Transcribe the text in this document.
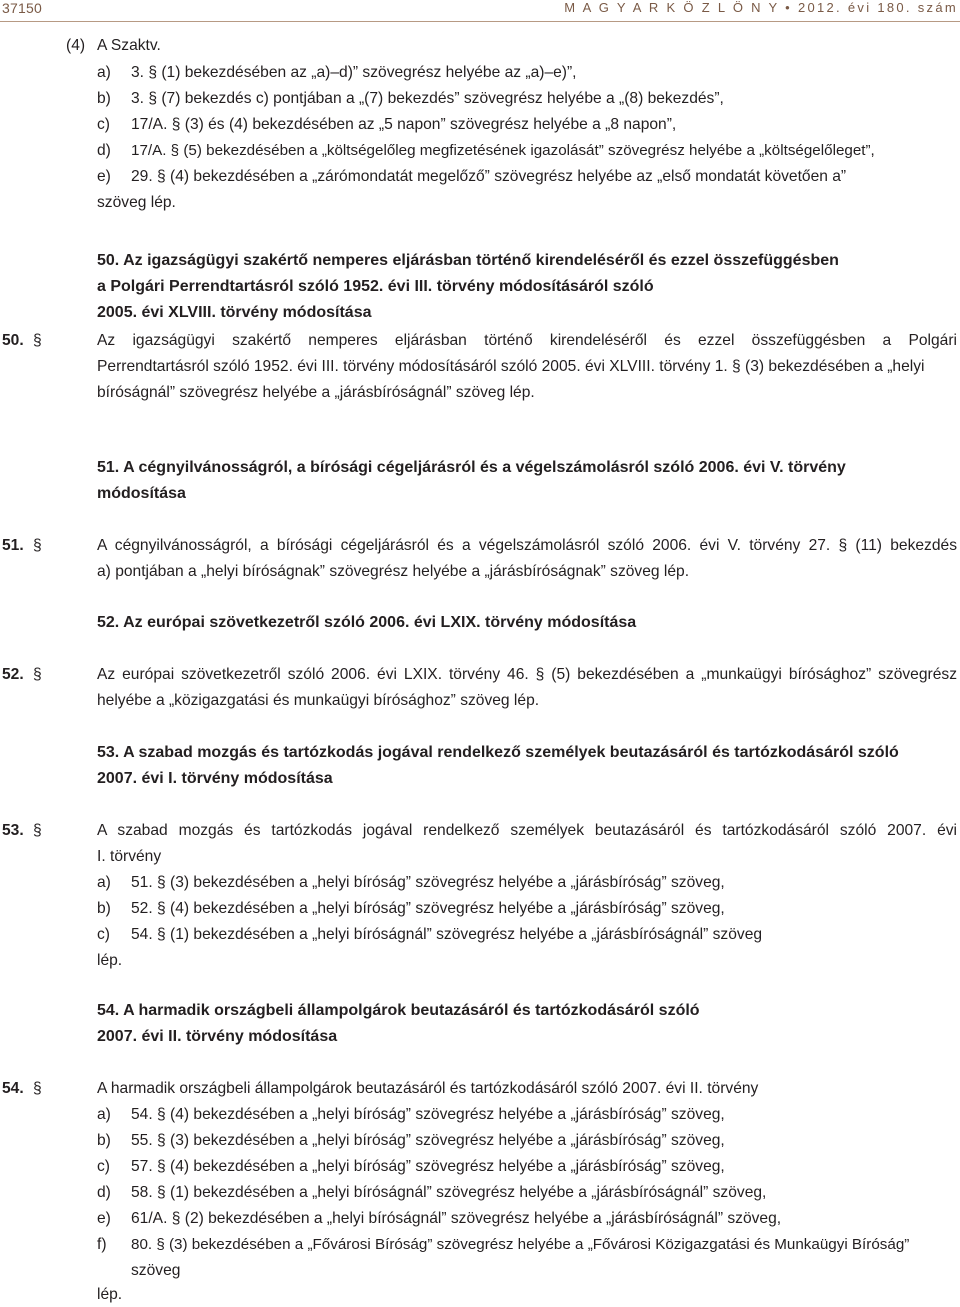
37150	M A G Y A R K Ö Z L Ö N Y • 2012. évi 180. szám
(4) A Szaktv.
a) 3. § (1) bekezdésében az „a)–d)” szövegrész helyébe az „a)–e)”,
b) 3. § (7) bekezdés c) pontjában a „(7) bekezdés” szövegrész helyébe a „(8) bekezdés”,
c) 17/A. § (3) és (4) bekezdésében az „5 napon” szövegrész helyébe a „8 napon”,
d) 17/A. § (5) bekezdésében a „költségelőleg megfizetésének igazolását” szövegrész helyébe a „költségelőleget”,
e) 29. § (4) bekezdésében a „zárómondatát megelőző” szövegrész helyébe az „első mondatát követően a”
szöveg lép.
50. Az igazságügyi szakértő nemperes eljárásban történő kirendeléséről és ezzel összefüggésben
a Polgári Perrendtartásról szóló 1952. évi III. törvény módosításáról szóló
2005. évi XLVIII. törvény módosítása
50. §	Az igazságügyi szakértő nemperes eljárásban történő kirendeléséről és ezzel összefüggésben a Polgári
Perrendtartásról szóló 1952. évi III. törvény módosításáról szóló 2005. évi XLVIII. törvény 1. § (3) bekezdésében a „helyi
bíróságnál” szövegrész helyébe a „járásbíróságnál” szöveg lép.
51. A cégnyilvánosságról, a bírósági cégeljárásról és a végelszámolásról szóló 2006. évi V. törvény
módosítása
51. §	A cégnyilvánosságról, a bírósági cégeljárásról és a végelszámolásról szóló 2006. évi V. törvény 27. § (11) bekezdés
a) pontjában a „helyi bíróságnak” szövegrész helyébe a „járásbíróságnak” szöveg lép.
52. Az európai szövetkezetről szóló 2006. évi LXIX. törvény módosítása
52. §	Az európai szövetkezetről szóló 2006. évi LXIX. törvény 46. § (5) bekezdésében a „munkaügyi bírósághoz” szövegrész
helyébe a „közigazgatási és munkaügyi bírósághoz” szöveg lép.
53. A szabad mozgás és tartózkodás jogával rendelkező személyek beutazásáról és tartózkodásáról szóló
2007. évi I. törvény módosítása
53. §	A szabad mozgás és tartózkodás jogával rendelkező személyek beutazásáról és tartózkodásáról szóló 2007. évi
I. törvény
a) 51. § (3) bekezdésében a „helyi bíróság” szövegrész helyébe a „járásbíróság” szöveg,
b) 52. § (4) bekezdésében a „helyi bíróság” szövegrész helyébe a „járásbíróság” szöveg,
c) 54. § (1) bekezdésében a „helyi bíróságnál” szövegrész helyébe a „járásbíróságnál” szöveg
lép.
54. A harmadik országbeli állampolgárok beutazásáról és tartózkodásáról szóló
2007. évi II. törvény módosítása
54. §	A harmadik országbeli állampolgárok beutazásáról és tartózkodásáról szóló 2007. évi II. törvény
a) 54. § (4) bekezdésében a „helyi bíróság” szövegrész helyébe a „járásbíróság” szöveg,
b) 55. § (3) bekezdésében a „helyi bíróság” szövegrész helyébe a „járásbíróság” szöveg,
c) 57. § (4) bekezdésében a „helyi bíróság” szövegrész helyébe a „járásbíróság” szöveg,
d) 58. § (1) bekezdésében a „helyi bíróságnál” szövegrész helyébe a „járásbíróságnál” szöveg,
e) 61/A. § (2) bekezdésében a „helyi bíróságnál” szövegrész helyébe a „járásbíróságnál” szöveg,
f) 80. § (3) bekezdésében a „Fővárosi Bíróság” szövegrész helyébe a „Fővárosi Közigazgatási és Munkaügyi Bíróság”
szöveg
lép.
